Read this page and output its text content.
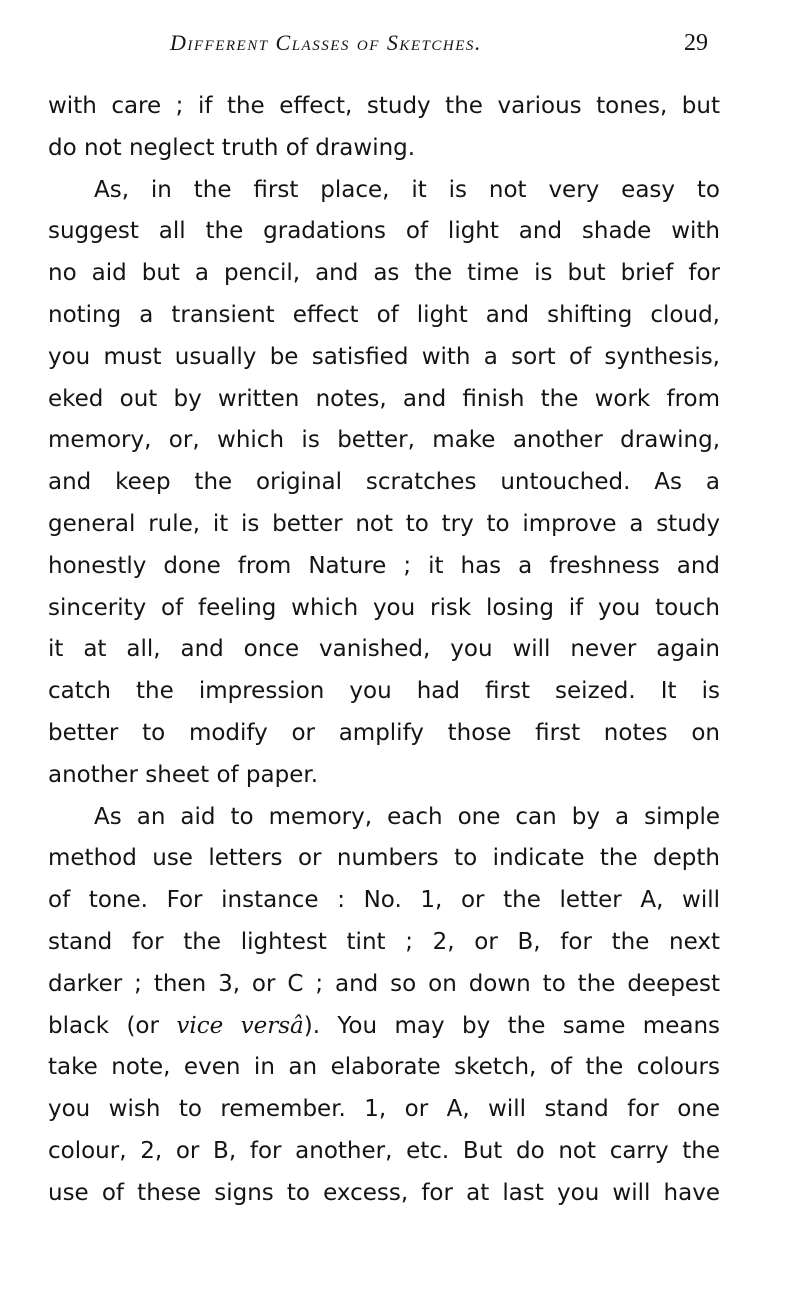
Different Classes of Sketches.	29
with care ; if the effect, study the various tones, but
do not neglect truth of drawing.
As, in the first place, it is not very easy to
suggest all the gradations of light and shade with
no aid but a pencil, and as the time is but brief for
noting a transient effect of light and shifting cloud,
you must usually be satisfied with a sort of synthesis,
eked out by written notes, and finish the work from
memory, or, which is better, make another drawing,
and keep the original scratches untouched. As a
general rule, it is better not to try to improve a study
honestly done from Nature ; it has a freshness and
sincerity of feeling which you risk losing if you touch
it at all, and once vanished, you will never again
catch the impression you had first seized. It is
better to modify or amplify those first notes on
another sheet of paper.
As an aid to memory, each one can by a simple
method use letters or numbers to indicate the depth
of tone. For instance : No. 1, or the letter A, will
stand for the lightest tint ; 2, or B, for the next
darker ; then 3, or C ; and so on down to the deepest
black (or vice versâ). You may by the same means
take note, even in an elaborate sketch, of the colours
you wish to remember. 1, or A, will stand for one
colour, 2, or B, for another, etc. But do not carry the
use of these signs to excess, for at last you will have
